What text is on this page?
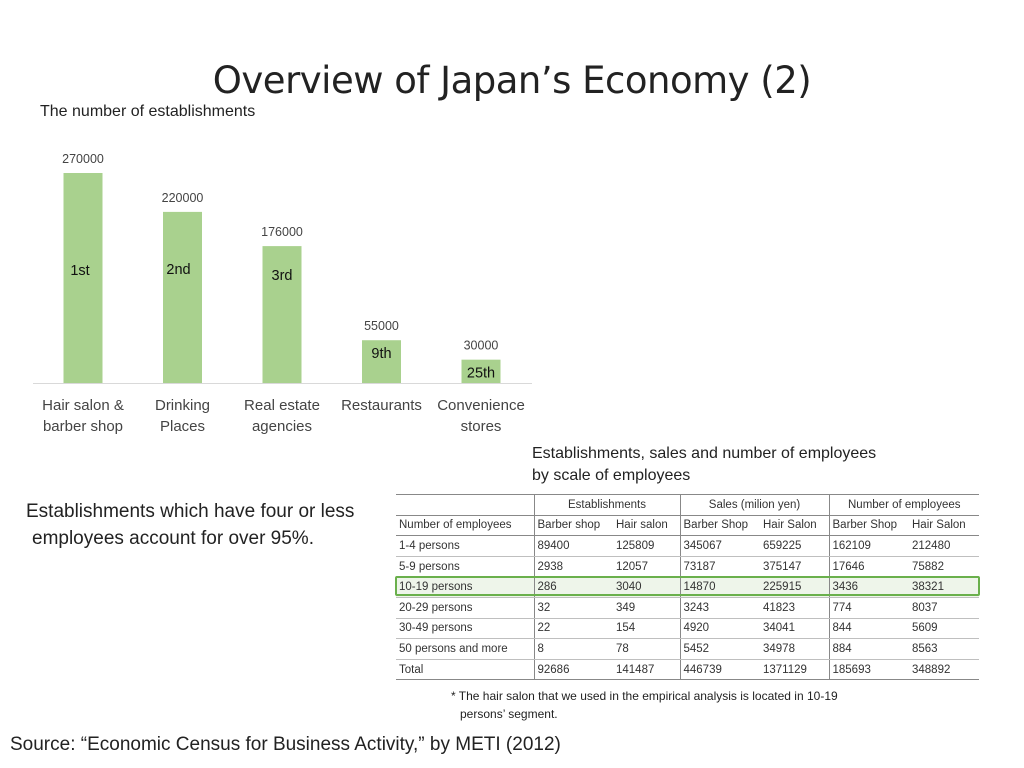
Overview of Japan’s Economy (2)
The number of establishments
270000
1st
Hair salon &
barber shop
220000
2nd
Drinking
Places
176000
3rd
Real estate
agencies
55000
9th
Restaurants
30000
25th
Convenience
stores
Establishments which have four or less
employees account for over 95%.
Establishments, sales and number of employees
by scale of employees
	Establishments		Sales (milion yen)		Number of employees	
Number of employees	Barber shop	Hair salon	Barber Shop	Hair Salon	Barber Shop	Hair Salon
1-4 persons	89400	125809	345067	659225	162109	212480
5-9 persons	2938	12057	73187	375147	17646	75882
10-19 persons	286	3040	14870	225915	3436	38321
20-29 persons	32	349	3243	41823	774	8037
30-49 persons	22	154	4920	34041	844	5609
50 persons and more	8	78	5452	34978	884	8563
Total	92686	141487	446739	1371129	185693	348892
* The hair salon that we used in the empirical analysis is located in 10-19
persons’ segment.
Source: “Economic Census for Business Activity,” by METI (2012)
